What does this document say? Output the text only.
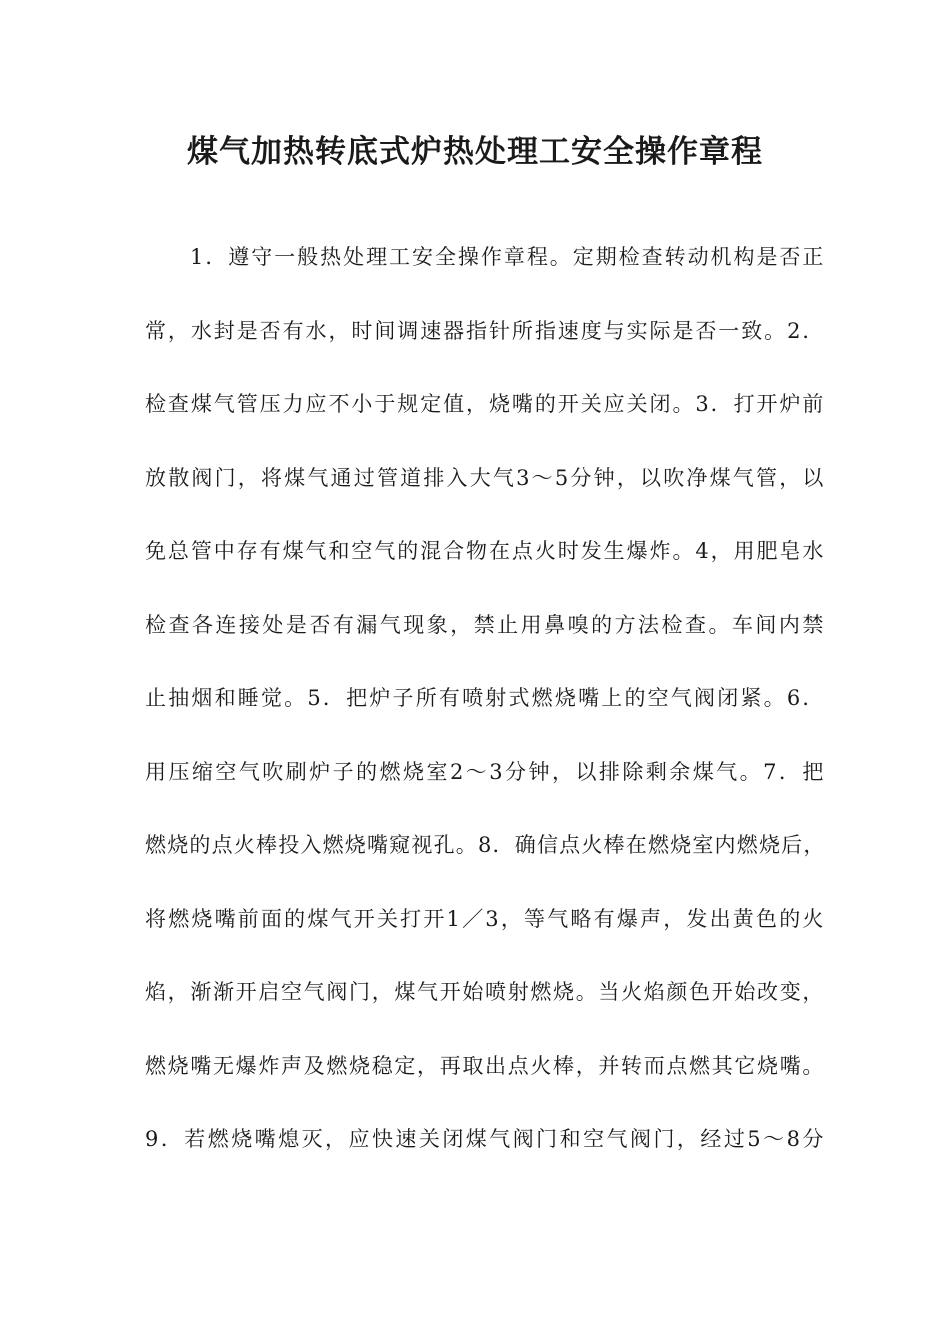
煤气加热转底式炉热处理工安全操作章程
1．遵守一般热处理工安全操作章程。定期检查转动机构是否正
常，水封是否有水，时间调速器指针所指速度与实际是否一致。2．
检查煤气管压力应不小于规定值，烧嘴的开关应关闭。3．打开炉前
放散阀门，将煤气通过管道排入大气3～5分钟，以吹净煤气管，以
免总管中存有煤气和空气的混合物在点火时发生爆炸。4，用肥皂水
检查各连接处是否有漏气现象，禁止用鼻嗅的方法检查。车间内禁
止抽烟和睡觉。5．把炉子所有喷射式燃烧嘴上的空气阀闭紧。6．
用压缩空气吹刷炉子的燃烧室2～3分钟，以排除剩余煤气。7．把
燃烧的点火棒投入燃烧嘴窥视孔。8．确信点火棒在燃烧室内燃烧后，
将燃烧嘴前面的煤气开关打开1／3，等气略有爆声，发出黄色的火
焰，渐渐开启空气阀门，煤气开始喷射燃烧。当火焰颜色开始改变，
燃烧嘴无爆炸声及燃烧稳定，再取出点火棒，并转而点燃其它烧嘴。
9．若燃烧嘴熄灭，应快速关闭煤气阀门和空气阀门，经过5～8分
